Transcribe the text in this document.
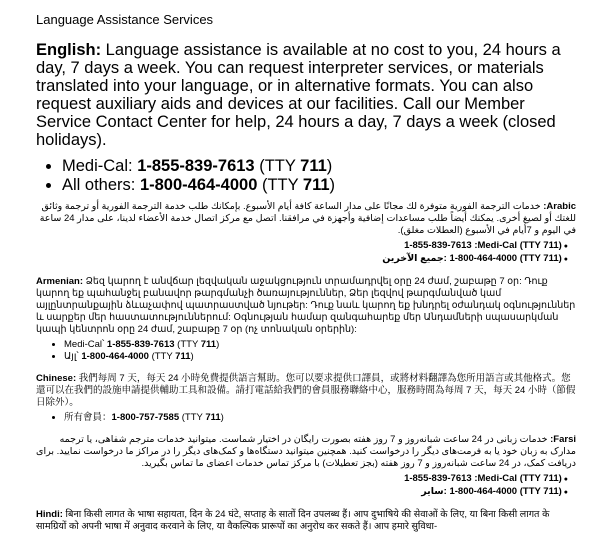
Language Assistance Services

English: Language assistance is available at no cost to you, 24 hours a day, 7 days a week. You can request interpreter services, or materials translated into your language, or in alternative formats. You can also request auxiliary aids and devices at our facilities. Call our Member Service Contact Center for help, 24 hours a day, 7 days a week (closed holidays).

• Medi-Cal: 1-855-839-7613 (TTY 711)
• All others: 1-800-464-4000 (TTY 711)

Arabic: خدمات الترجمة الفورية متوفرة لك مجانًا على مدار الساعة كافة أيام الأسبوع. بإمكانك طلب خدمة الترجمة الفورية أو ترجمة وثائق للغتك أو لصيغ أخرى. يمكنك أيضاً طلب مساعدات إضافية وأجهزة في مرافقنا. اتصل مع مركز اتصال خدمة الأعضاء لدينا، على مدار 24 ساعة في اليوم و 7أيام في الأسبوع (العطلات مغلق).

● (TTY 711) 1-855-839-7613 :Medi-Cal
● (TTY 711) 1-800-464-4000 :جميع الآخرين

Armenian: Ձեզ կարող է անվճար լեզվական աջակցություն տրամադրվել օրը 24 ժամ, շաբաթը 7 օր: Դուք կարող եք պահանջել բանավոր թարգմանչի ծառայություններ, Ձեր լեզվով թարգմանված կամ այլընտրանքային ձևաչափով պատրաստված նյութեր: Դուք նաև կարող եք խնդրել օժանդակ օգնություններ և սարքեր մեր հաստատություններում: Օգնության համար զանգահարեք մեր Անդամների սպասարկման կապի կենտրոն օրը 24 ժամ, շաբաթը 7 օր (ոչ տոնական օրերին):

• Medi-Cal՝ 1-855-839-7613 (TTY 711)
• Այլ՝ 1-800-464-4000 (TTY 711)

Chinese: 我們每周 7 天，每天 24 小時免費提供語言幫助。您可以要求提供口譯員，或將材料翻譯為您所用語言或其他格式。您還可以在我們的設施申請提供輔助工具和設備。請打電話給我們的會員服務聯絡中心，服務時間為每周 7 天，每天 24 小時（節假日除外）。

• 所有會員：1-800-757-7585 (TTY 711)

Farsi: خدمات زبانی در 24 ساعت شبانه‌روز و 7 روز هفته بصورت رایگان در اختیار شماست. میتوانید خدمات مترجم شفاهی، یا ترجمه مدارک به زبان خود یا به فرمت‌های دیگر را درخواست کنید. همچنین میتوانید دستگاه‌ها و کمک‌های دیگر را در مراکز ما درخواست نمایید. برای دریافت کمک، در 24 ساعت شبانه‌روز و 7 روز هفته (بجز تعطیلات) با مرکز تماس خدمات اعضای ما تماس بگیرید.

● (TTY 711) 1-855-839-7613 :Medi-Cal
● (TTY 711) 1-800-464-4000 :سایر

Hindi: बिना किसी लागत के भाषा सहायता, दिन के 24 घंटे, सप्ताह के सातों दिन उपलब्ध हैं। आप दुभाषिये की सेवाओं के लिए, या बिना किसी लागत के सामग्रियों को अपनी भाषा में अनुवाद करवाने के लिए, या वैकल्पिक प्रारूपों का अनुरोध कर सकते हैं। आप हमारे सुविधा-
